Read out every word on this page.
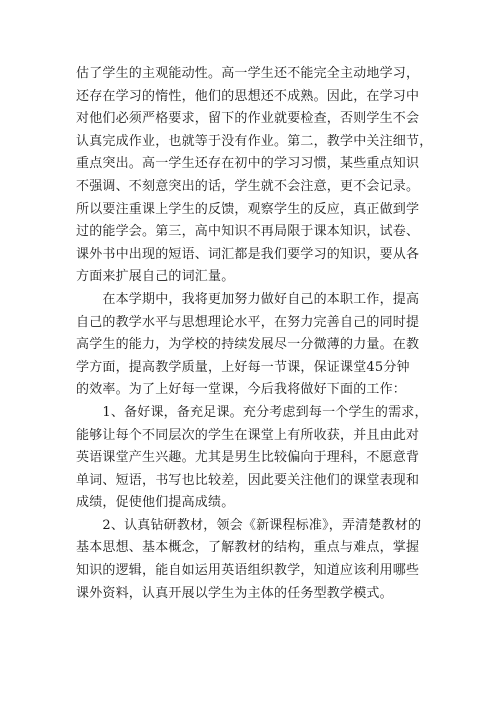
估了学生的主观能动性。高一学生还不能完全主动地学习，
还存在学习的惰性，他们的思想还不成熟。因此，在学习中
对他们必须严格要求，留下的作业就要检查，否则学生不会
认真完成作业，也就等于没有作业。第二，教学中关注细节，
重点突出。高一学生还存在初中的学习习惯，某些重点知识
不强调、不刻意突出的话，学生就不会注意，更不会记录。
所以要注重课上学生的反馈，观察学生的反应，真正做到学
过的能学会。第三，高中知识不再局限于课本知识，试卷、
课外书中出现的短语、词汇都是我们要学习的知识，要从各
方面来扩展自己的词汇量。
　　在本学期中，我将更加努力做好自己的本职工作，提高
自己的教学水平与思想理论水平，在努力完善自己的同时提
高学生的能力，为学校的持续发展尽一分微薄的力量。在教
学方面，提高教学质量，上好每一节课，保证课堂45分钟
的效率。为了上好每一堂课，今后我将做好下面的工作：
　　1、备好课，备充足课。充分考虑到每一个学生的需求，
能够让每个不同层次的学生在课堂上有所收获，并且由此对
英语课堂产生兴趣。尤其是男生比较偏向于理科，不愿意背
单词、短语，书写也比较差，因此要关注他们的课堂表现和
成绩，促使他们提高成绩。
　　2、认真钻研教材，领会《新课程标准》，弄清楚教材的
基本思想、基本概念，了解教材的结构，重点与难点，掌握
知识的逻辑，能自如运用英语组织教学，知道应该利用哪些
课外资料，认真开展以学生为主体的任务型教学模式。
